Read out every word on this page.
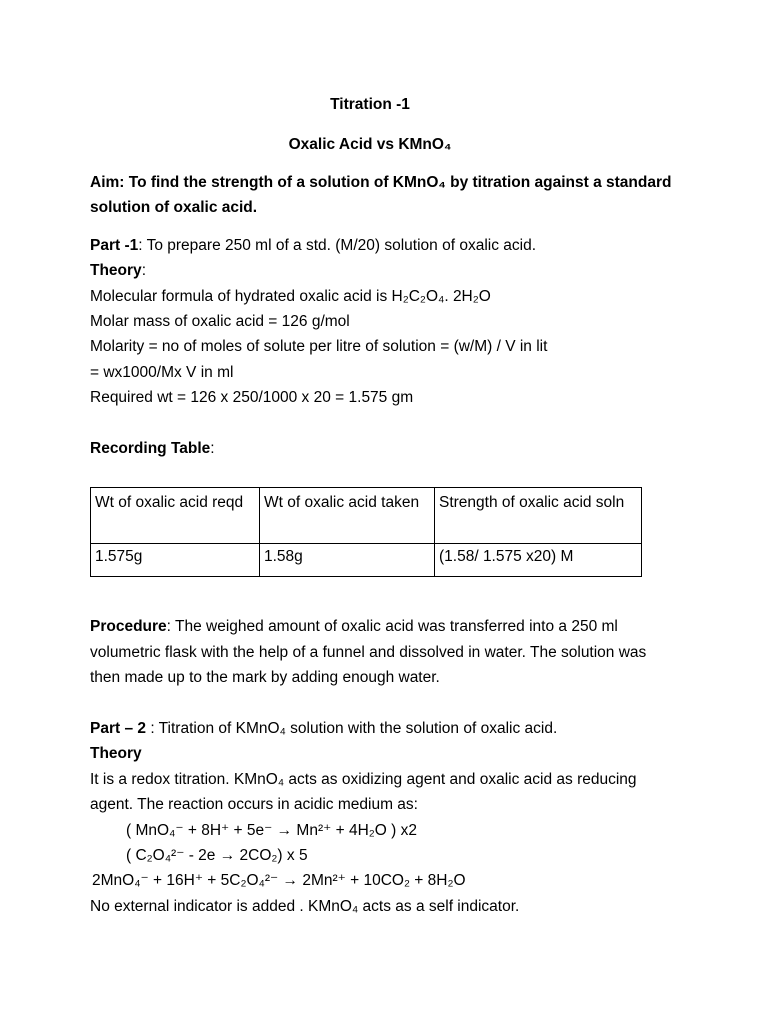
Titration -1
Oxalic Acid vs KMnO₄
Aim: To find the strength of a solution of KMnO₄ by titration against a standard
solution of oxalic acid.
Part -1: To prepare 250 ml of a std. (M/20) solution of oxalic acid.
Theory:
Molecular formula of hydrated oxalic acid is H₂C₂O₄. 2H₂O
Molar mass of oxalic acid = 126 g/mol
Molarity = no of moles of solute per litre of solution = (w/M) / V in lit
= wx1000/Mx V in ml
Required wt = 126 x 250/1000 x 20 = 1.575 gm
Recording Table:
Wt of oxalic acid reqd	Wt of oxalic acid taken	Strength of oxalic acid soln
1.575g	1.58g	(1.58/ 1.575 x20) M
Procedure: The weighed amount of oxalic acid was transferred into a 250 ml
volumetric flask with the help of a funnel and dissolved in water. The solution was
then made up to the mark by adding enough water.
Part – 2 : Titration of KMnO₄ solution with the solution of oxalic acid.
Theory
It is a redox titration. KMnO₄ acts as oxidizing agent and oxalic acid as reducing
agent. The reaction occurs in acidic medium as:
( MnO₄⁻ + 8H⁺ + 5e⁻ → Mn²⁺ + 4H₂O ) x2
( C₂O₄²⁻ - 2e → 2CO₂) x 5
2MnO₄⁻ + 16H⁺ + 5C₂O₄²⁻ → 2Mn²⁺ + 10CO₂ + 8H₂O
No external indicator is added . KMnO₄ acts as a self indicator.
